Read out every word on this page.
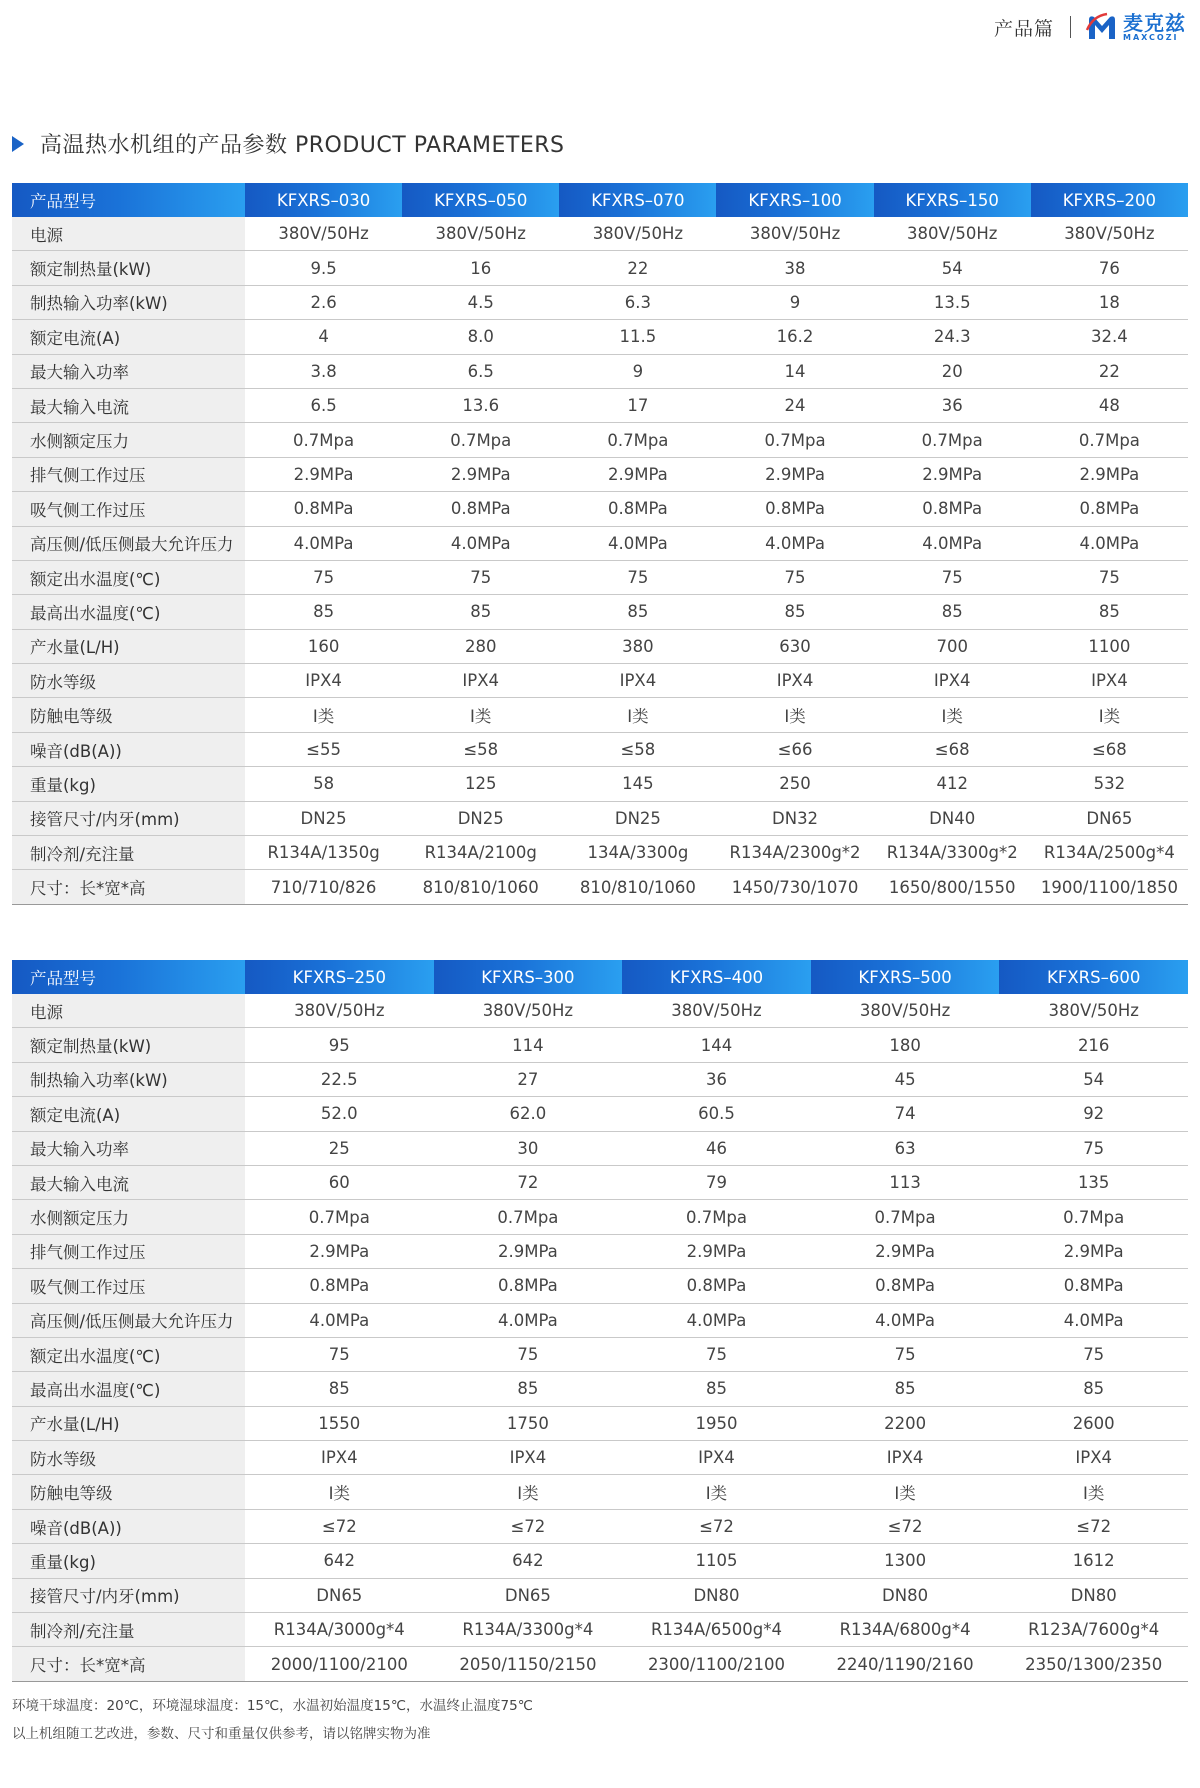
产品篇	麦克兹
MAXCOZI
高温热水机组的产品参数 PRODUCT PARAMETERS
产品型号	KFXRS–030	KFXRS–050	KFXRS–070	KFXRS–100	KFXRS–150	KFXRS–200
电源	380V/50Hz	380V/50Hz	380V/50Hz	380V/50Hz	380V/50Hz	380V/50Hz
额定制热量(kW)	9.5	16	22	38	54	76
制热输入功率(kW)	2.6	4.5	6.3	9	13.5	18
额定电流(A)	4	8.0	11.5	16.2	24.3	32.4
最大输入功率	3.8	6.5	9	14	20	22
最大输入电流	6.5	13.6	17	24	36	48
水侧额定压力	0.7Mpa	0.7Mpa	0.7Mpa	0.7Mpa	0.7Mpa	0.7Mpa
排气侧工作过压	2.9MPa	2.9MPa	2.9MPa	2.9MPa	2.9MPa	2.9MPa
吸气侧工作过压	0.8MPa	0.8MPa	0.8MPa	0.8MPa	0.8MPa	0.8MPa
高压侧/低压侧最大允许压力	4.0MPa	4.0MPa	4.0MPa	4.0MPa	4.0MPa	4.0MPa
额定出水温度(℃)	75	75	75	75	75	75
最高出水温度(℃)	85	85	85	85	85	85
产水量(L/H)	160	280	380	630	700	1100
防水等级	IPX4	IPX4	IPX4	IPX4	IPX4	IPX4
防触电等级	I类	I类	I类	I类	I类	I类
噪音(dB(A))	≤55	≤58	≤58	≤66	≤68	≤68
重量(kg)	58	125	145	250	412	532
接管尺寸/内牙(mm)	DN25	DN25	DN25	DN32	DN40	DN65
制冷剂/充注量	R134A/1350g	R134A/2100g	134A/3300g	R134A/2300g*2	R134A/3300g*2	R134A/2500g*4
尺寸：长*宽*高	710/710/826	810/810/1060	810/810/1060	1450/730/1070	1650/800/1550	1900/1100/1850
产品型号	KFXRS–250	KFXRS–300	KFXRS–400	KFXRS–500	KFXRS–600
电源	380V/50Hz	380V/50Hz	380V/50Hz	380V/50Hz	380V/50Hz
额定制热量(kW)	95	114	144	180	216
制热输入功率(kW)	22.5	27	36	45	54
额定电流(A)	52.0	62.0	60.5	74	92
最大输入功率	25	30	46	63	75
最大输入电流	60	72	79	113	135
水侧额定压力	0.7Mpa	0.7Mpa	0.7Mpa	0.7Mpa	0.7Mpa
排气侧工作过压	2.9MPa	2.9MPa	2.9MPa	2.9MPa	2.9MPa
吸气侧工作过压	0.8MPa	0.8MPa	0.8MPa	0.8MPa	0.8MPa
高压侧/低压侧最大允许压力	4.0MPa	4.0MPa	4.0MPa	4.0MPa	4.0MPa
额定出水温度(℃)	75	75	75	75	75
最高出水温度(℃)	85	85	85	85	85
产水量(L/H)	1550	1750	1950	2200	2600
防水等级	IPX4	IPX4	IPX4	IPX4	IPX4
防触电等级	I类	I类	I类	I类	I类
噪音(dB(A))	≤72	≤72	≤72	≤72	≤72
重量(kg)	642	642	1105	1300	1612
接管尺寸/内牙(mm)	DN65	DN65	DN80	DN80	DN80
制冷剂/充注量	R134A/3000g*4	R134A/3300g*4	R134A/6500g*4	R134A/6800g*4	R123A/7600g*4
尺寸：长*宽*高	2000/1100/2100	2050/1150/2150	2300/1100/2100	2240/1190/2160	2350/1300/2350
环境干球温度：20℃，环境湿球温度：15℃，水温初始温度15℃，水温终止温度75℃
以上机组随工艺改进，参数、尺寸和重量仅供参考，请以铭牌实物为准
